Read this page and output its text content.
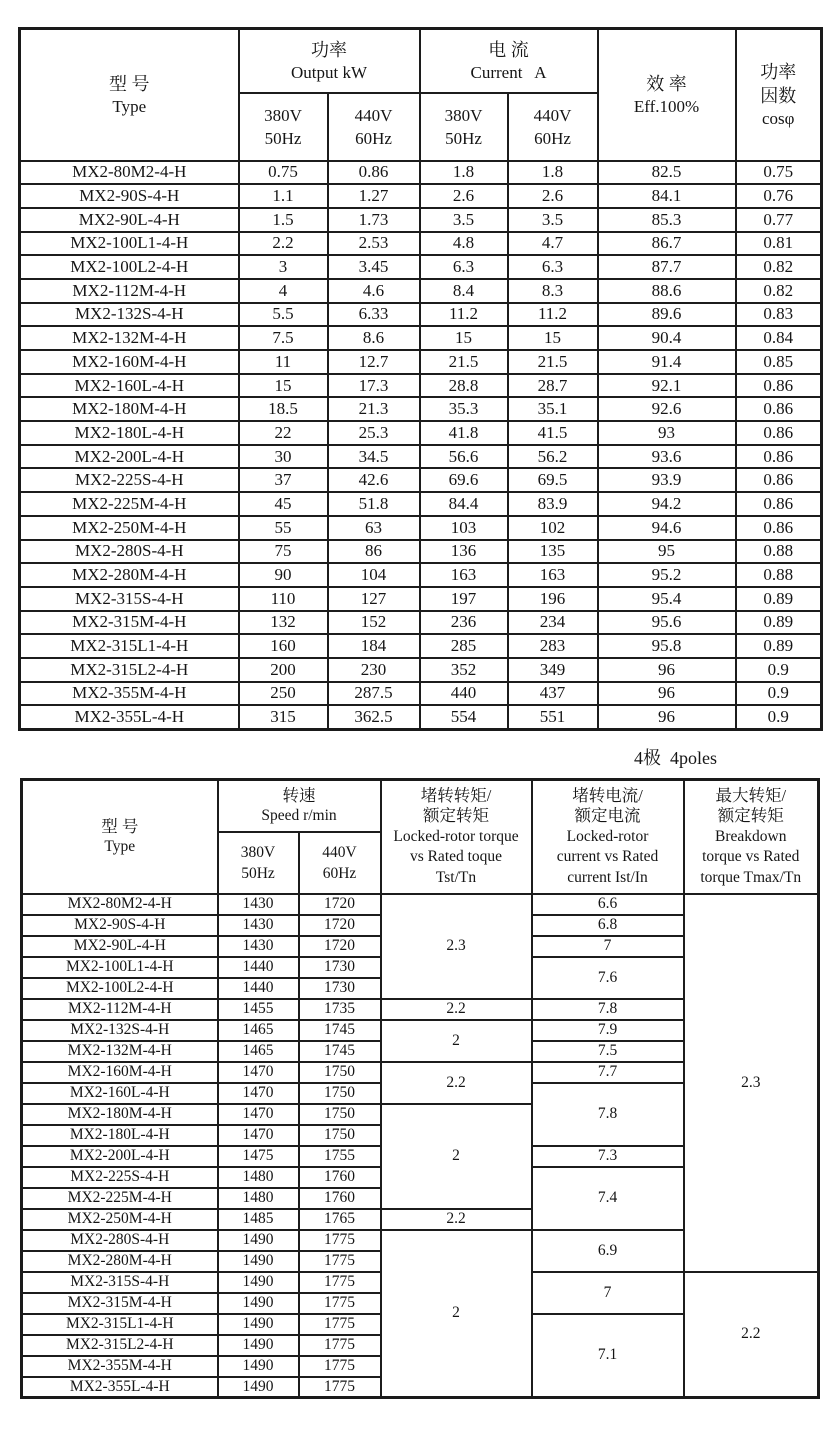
型 号
Type

功率
Output kW

电 流
Current   A

效 率
Eff.100%

功率
因数
cosφ

380V
50Hz

440V
60Hz

380V
50Hz

440V
60Hz

MX2-80M2-4-H	0.75	0.86	1.8	1.8	82.5	0.75
MX2-90S-4-H	1.1	1.27	2.6	2.6	84.1	0.76
MX2-90L-4-H	1.5	1.73	3.5	3.5	85.3	0.77
MX2-100L1-4-H	2.2	2.53	4.8	4.7	86.7	0.81
MX2-100L2-4-H	3	3.45	6.3	6.3	87.7	0.82
MX2-112M-4-H	4	4.6	8.4	8.3	88.6	0.82
MX2-132S-4-H	5.5	6.33	11.2	11.2	89.6	0.83
MX2-132M-4-H	7.5	8.6	15	15	90.4	0.84
MX2-160M-4-H	11	12.7	21.5	21.5	91.4	0.85
MX2-160L-4-H	15	17.3	28.8	28.7	92.1	0.86
MX2-180M-4-H	18.5	21.3	35.3	35.1	92.6	0.86
MX2-180L-4-H	22	25.3	41.8	41.5	93	0.86
MX2-200L-4-H	30	34.5	56.6	56.2	93.6	0.86
MX2-225S-4-H	37	42.6	69.6	69.5	93.9	0.86
MX2-225M-4-H	45	51.8	84.4	83.9	94.2	0.86
MX2-250M-4-H	55	63	103	102	94.6	0.86
MX2-280S-4-H	75	86	136	135	95	0.88
MX2-280M-4-H	90	104	163	163	95.2	0.88
MX2-315S-4-H	110	127	197	196	95.4	0.89
MX2-315M-4-H	132	152	236	234	95.6	0.89
MX2-315L1-4-H	160	184	285	283	95.8	0.89
MX2-315L2-4-H	200	230	352	349	96	0.9
MX2-355M-4-H	250	287.5	440	437	96	0.9
MX2-355L-4-H	315	362.5	554	551	96	0.9
4极  4poles
型 号
Type

转速
Speed r/min

堵转转矩/
额定转矩
Locked-rotor torque
vs Rated toque
Tst/Tn

堵转电流/
额定电流
Locked-rotor
current vs Rated
current Ist/In

最大转矩/
额定转矩
Breakdown
torque vs Rated
torque Tmax/Tn

380V
50Hz

440V
60Hz

MX2-80M2-4-H	1430	1720	2.3	6.6	2.3
MX2-90S-4-H	1430	1720		6.8	
MX2-90L-4-H	1430	1720		7	
MX2-100L1-4-H	1440	1730		7.6	
MX2-100L2-4-H	1440	1730			
MX2-112M-4-H	1455	1735	2.2	7.8	
MX2-132S-4-H	1465	1745	2	7.9	
MX2-132M-4-H	1465	1745		7.5	
MX2-160M-4-H	1470	1750	2.2	7.7	
MX2-160L-4-H	1470	1750		7.8	
MX2-180M-4-H	1470	1750	2		
MX2-180L-4-H	1470	1750			
MX2-200L-4-H	1475	1755		7.3	
MX2-225S-4-H	1480	1760		7.4	
MX2-225M-4-H	1480	1760			
MX2-250M-4-H	1485	1765	2.2		
MX2-280S-4-H	1490	1775	2	6.9	
MX2-280M-4-H	1490	1775			
MX2-315S-4-H	1490	1775		7	2.2
MX2-315M-4-H	1490	1775			
MX2-315L1-4-H	1490	1775		7.1	
MX2-315L2-4-H	1490	1775			
MX2-355M-4-H	1490	1775			
MX2-355L-4-H	1490	1775			
